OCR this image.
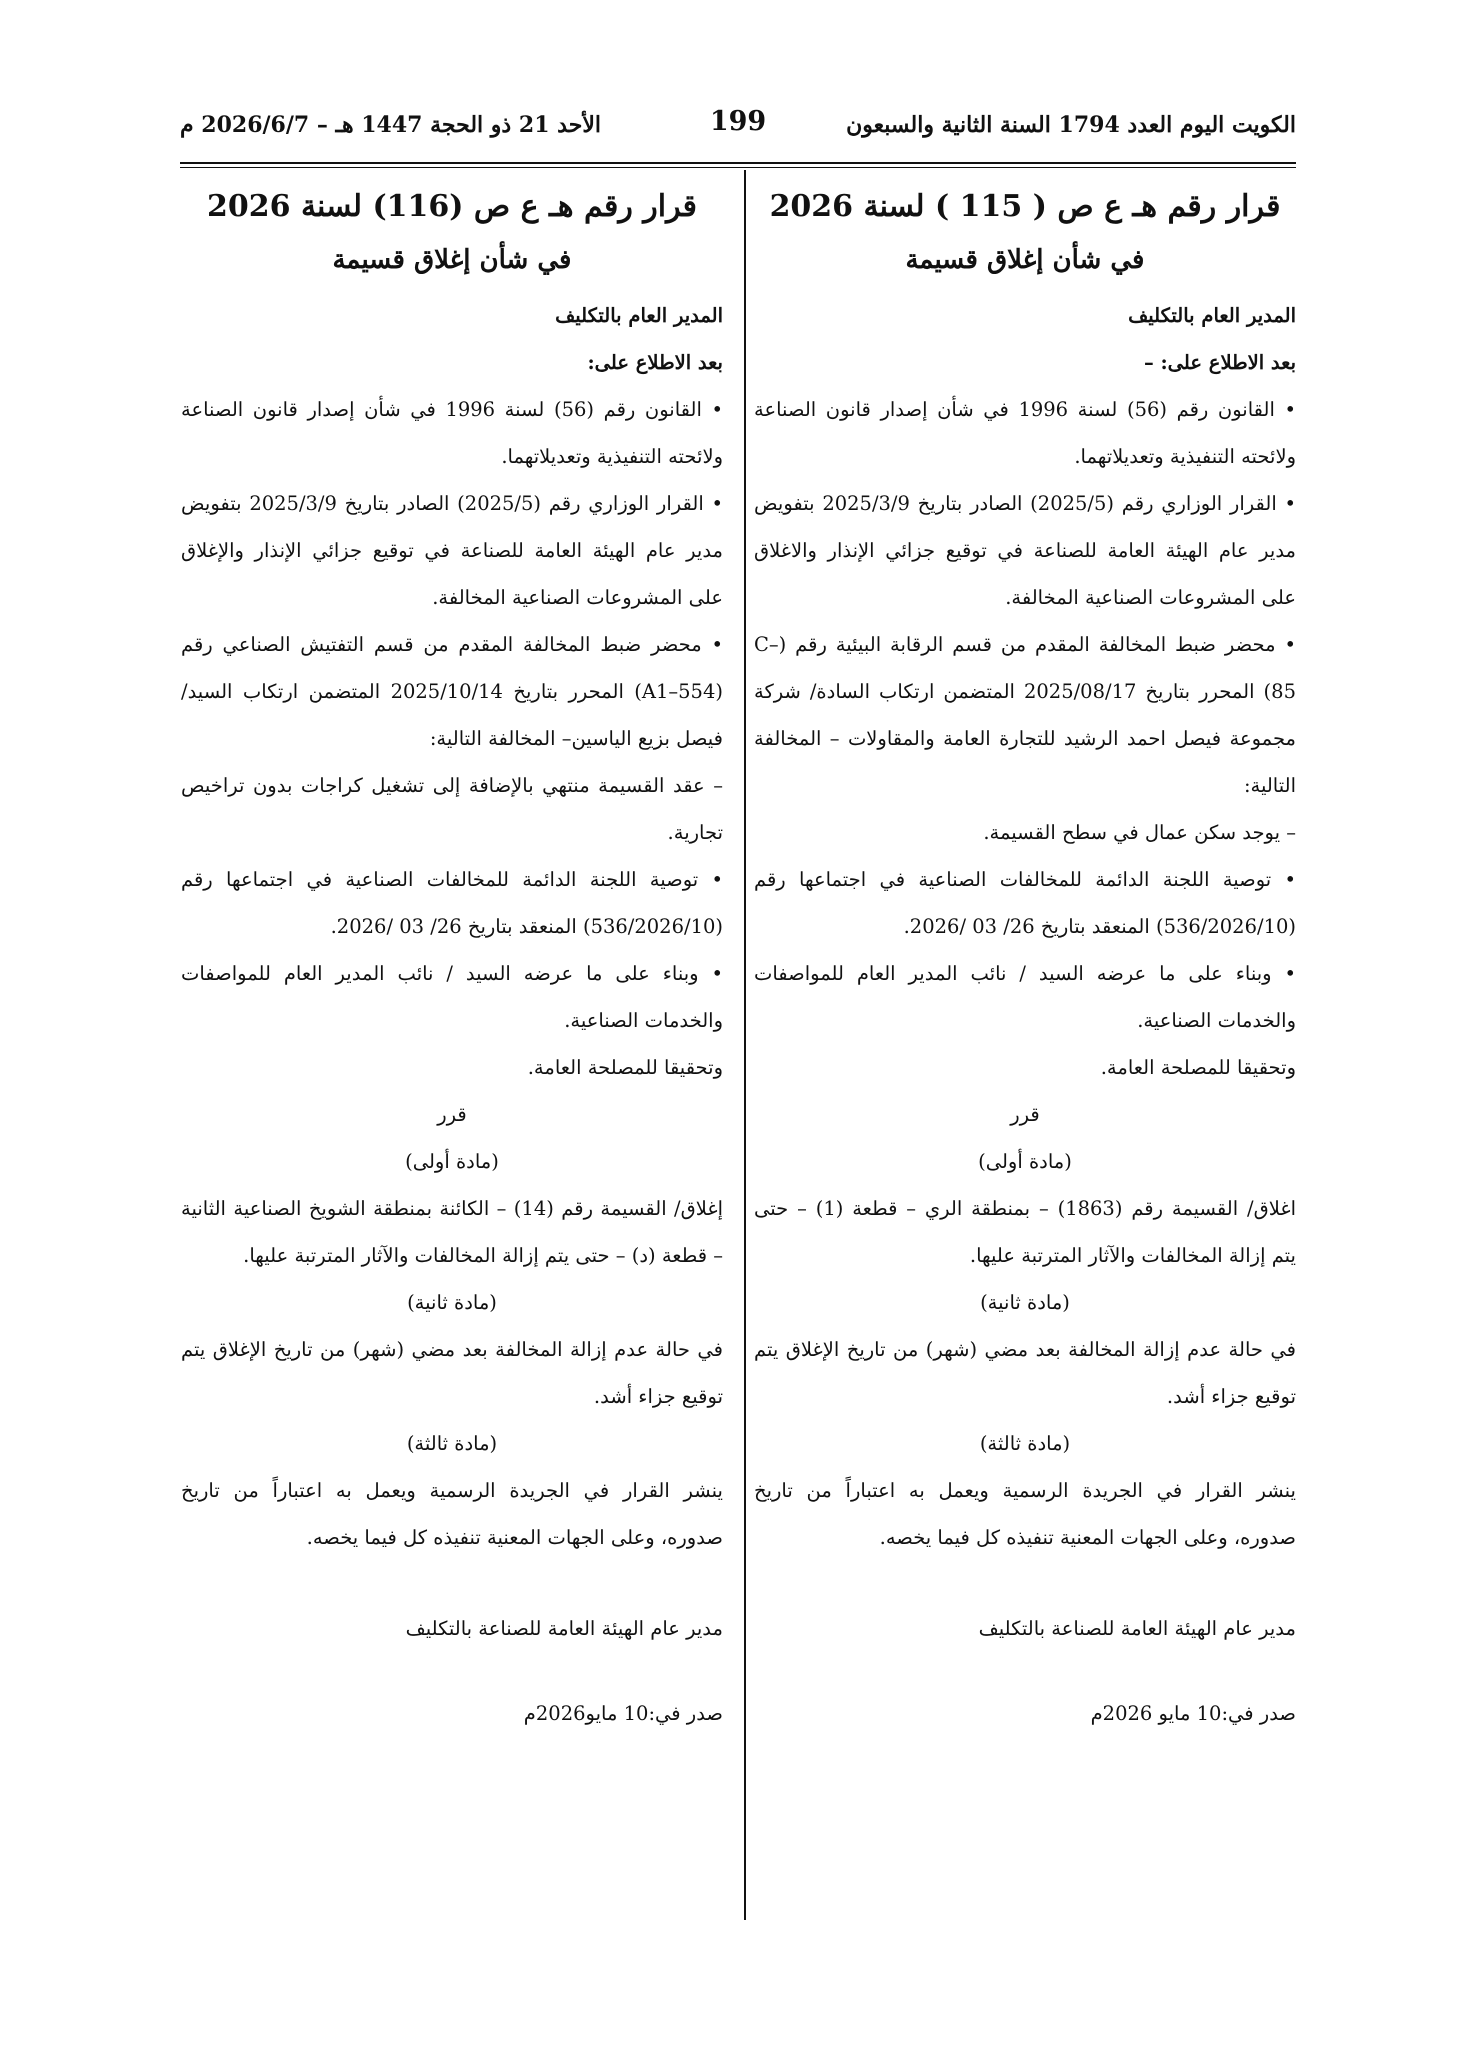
الكويت اليوم العدد 1794 السنة الثانية والسبعون
199
الأحد 21 ذو الحجة 1447 هـ – 2026/6/7 م
قرار رقم هـ ع ص ( 115 ) لسنة 2026
في شأن إغلاق قسيمة

المدير العام بالتكليف

بعد الاطلاع على: –

• القانون رقم (56) لسنة 1996 في شأن إصدار قانون الصناعة ولائحته التنفيذية وتعديلاتهما.

• القرار الوزاري رقم (2025/5) الصادر بتاريخ 2025/3/9 بتفويض مدير عام الهيئة العامة للصناعة في توقيع جزائي الإنذار والاغلاق على المشروعات الصناعية المخالفة.

• محضر ضبط المخالفة المقدم من قسم الرقابة البيئية رقم (C–85) المحرر بتاريخ 2025/08/17 المتضمن ارتكاب السادة/ شركة مجموعة فيصل احمد الرشيد للتجارة العامة والمقاولات – المخالفة التالية:

– يوجد سكن عمال في سطح القسيمة.

• توصية اللجنة الدائمة للمخالفات الصناعية في اجتماعها رقم (536/2026/10) المنعقد بتاريخ 26/ 03 /2026.

• وبناء على ما عرضه السيد / نائب المدير العام للمواصفات والخدمات الصناعية.

وتحقيقا للمصلحة العامة.

قرر

(مادة أولى)

اغلاق/ القسيمة رقم (1863) – بمنطقة الري – قطعة (1) – حتى يتم إزالة المخالفات والآثار المترتبة عليها.

(مادة ثانية)

في حالة عدم إزالة المخالفة بعد مضي (شهر) من تاريخ الإغلاق يتم توقيع جزاء أشد.

(مادة ثالثة)

ينشر القرار في الجريدة الرسمية ويعمل به اعتباراً من تاريخ صدوره، وعلى الجهات المعنية تنفيذه كل فيما يخصه.

مدير عام الهيئة العامة للصناعة بالتكليف

صدر في:10 مايو 2026م

قرار رقم هـ ع ص (116) لسنة 2026
في شأن إغلاق قسيمة

المدير العام بالتكليف

بعد الاطلاع على:

• القانون رقم (56) لسنة 1996 في شأن إصدار قانون الصناعة ولائحته التنفيذية وتعديلاتهما.

• القرار الوزاري رقم (2025/5) الصادر بتاريخ 2025/3/9 بتفويض مدير عام الهيئة العامة للصناعة في توقيع جزائي الإنذار والإغلاق على المشروعات الصناعية المخالفة.

• محضر ضبط المخالفة المقدم من قسم التفتيش الصناعي رقم (A1–554) المحرر بتاريخ 2025/10/14 المتضمن ارتكاب السيد/ فيصل بزيع الياسين– المخالفة التالية:

– عقد القسيمة منتهي بالإضافة إلى تشغيل كراجات بدون تراخيص تجارية.

• توصية اللجنة الدائمة للمخالفات الصناعية في اجتماعها رقم (536/2026/10) المنعقد بتاريخ 26/ 03 /2026.

• وبناء على ما عرضه السيد / نائب المدير العام للمواصفات والخدمات الصناعية.

وتحقيقا للمصلحة العامة.

قرر

(مادة أولى)

إغلاق/ القسيمة رقم (14) – الكائنة بمنطقة الشويخ الصناعية الثانية – قطعة (د) – حتى يتم إزالة المخالفات والآثار المترتبة عليها.

(مادة ثانية)

في حالة عدم إزالة المخالفة بعد مضي (شهر) من تاريخ الإغلاق يتم توقيع جزاء أشد.

(مادة ثالثة)

ينشر القرار في الجريدة الرسمية ويعمل به اعتباراً من تاريخ صدوره، وعلى الجهات المعنية تنفيذه كل فيما يخصه.

مدير عام الهيئة العامة للصناعة بالتكليف

صدر في:10 مايو2026م
